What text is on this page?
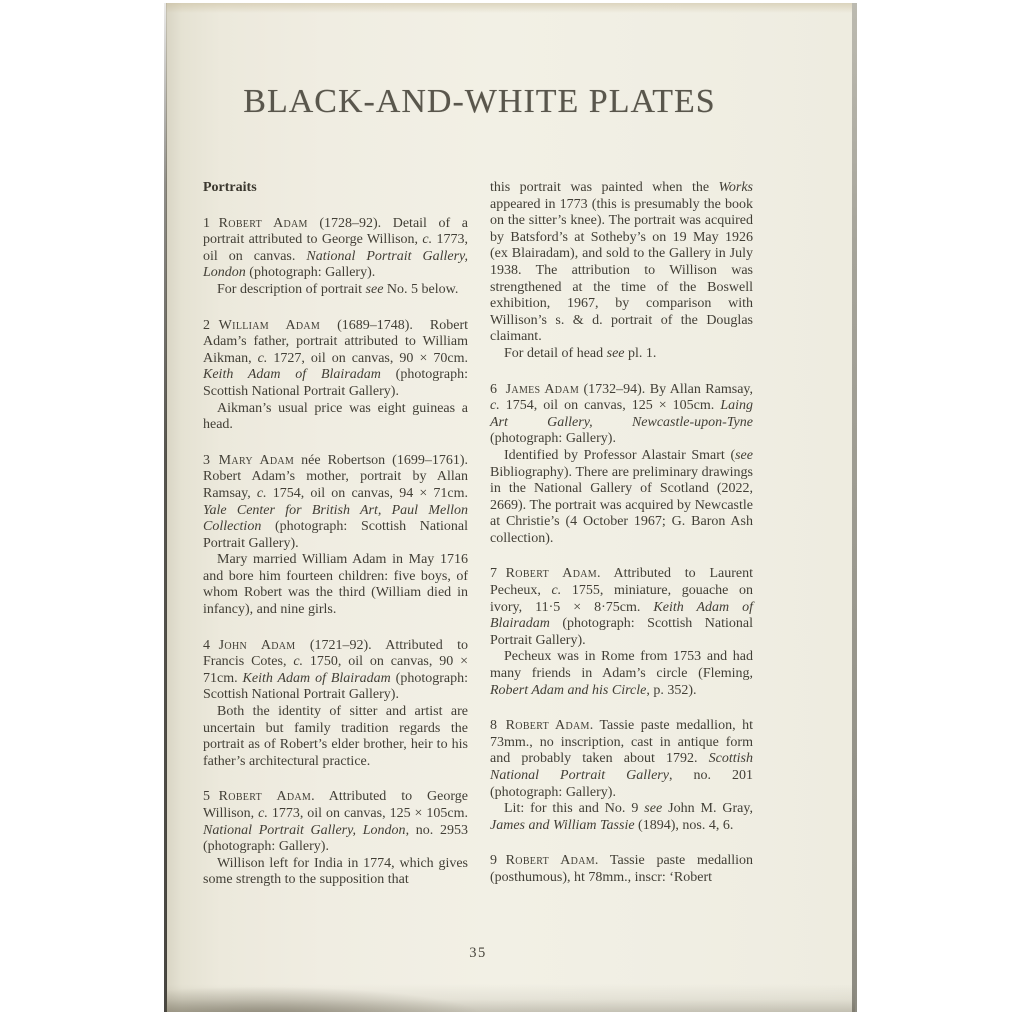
BLACK-AND-WHITE PLATES
Portraits

1 Robert Adam (1728–92). Detail of a portrait attributed to George Willison, c. 1773, oil on canvas. National Portrait Gallery, London (photograph: Gallery).

For description of portrait see No. 5 below.

2 William Adam (1689–1748). Robert Adam’s father, portrait attributed to William Aikman, c. 1727, oil on canvas, 90 × 70cm. Keith Adam of Blairadam (photograph: Scottish National Portrait Gallery).

Aikman’s usual price was eight guineas a head.

3 Mary Adam née Robertson (1699–1761). Robert Adam’s mother, portrait by Allan Ramsay, c. 1754, oil on canvas, 94 × 71cm. Yale Center for British Art, Paul Mellon Collection (photograph: Scottish National Portrait Gallery).

Mary married William Adam in May 1716 and bore him fourteen children: five boys, of whom Robert was the third (William died in infancy), and nine girls.

4 John Adam (1721–92). Attributed to Francis Cotes, c. 1750, oil on canvas, 90 × 71cm. Keith Adam of Blairadam (photograph: Scottish National Portrait Gallery).

Both the identity of sitter and artist are uncertain but family tradition regards the portrait as of Robert’s elder brother, heir to his father’s architectural practice.

5 Robert Adam. Attributed to George Willison, c. 1773, oil on canvas, 125 × 105cm. National Portrait Gallery, London, no. 2953 (photograph: Gallery).

Willison left for India in 1774, which gives some strength to the supposition that

this portrait was painted when the Works appeared in 1773 (this is presumably the book on the sitter’s knee). The portrait was acquired by Batsford’s at Sotheby’s on 19 May 1926 (ex Blairadam), and sold to the Gallery in July 1938. The attribution to Willison was strengthened at the time of the Boswell exhibition, 1967, by comparison with Willison’s s. & d. portrait of the Douglas claimant.

For detail of head see pl. 1.

6 James Adam (1732–94). By Allan Ramsay, c. 1754, oil on canvas, 125 × 105cm. Laing Art Gallery, Newcastle-upon-Tyne (photograph: Gallery).

Identified by Professor Alastair Smart (see Bibliography). There are preliminary drawings in the National Gallery of Scotland (2022, 2669). The portrait was acquired by Newcastle at Christie’s (4 October 1967; G. Baron Ash collection).

7 Robert Adam. Attributed to Laurent Pecheux, c. 1755, miniature, gouache on ivory, 11·5 × 8·75cm. Keith Adam of Blairadam (photograph: Scottish National Portrait Gallery).

Pecheux was in Rome from 1753 and had many friends in Adam’s circle (Fleming, Robert Adam and his Circle, p. 352).

8 Robert Adam. Tassie paste medallion, ht 73mm., no inscription, cast in antique form and probably taken about 1792. Scottish National Portrait Gallery, no. 201 (photograph: Gallery).

Lit: for this and No. 9 see John M. Gray, James and William Tassie (1894), nos. 4, 6.

9 Robert Adam. Tassie paste medallion (posthumous), ht 78mm., inscr: ‘Robert

35
